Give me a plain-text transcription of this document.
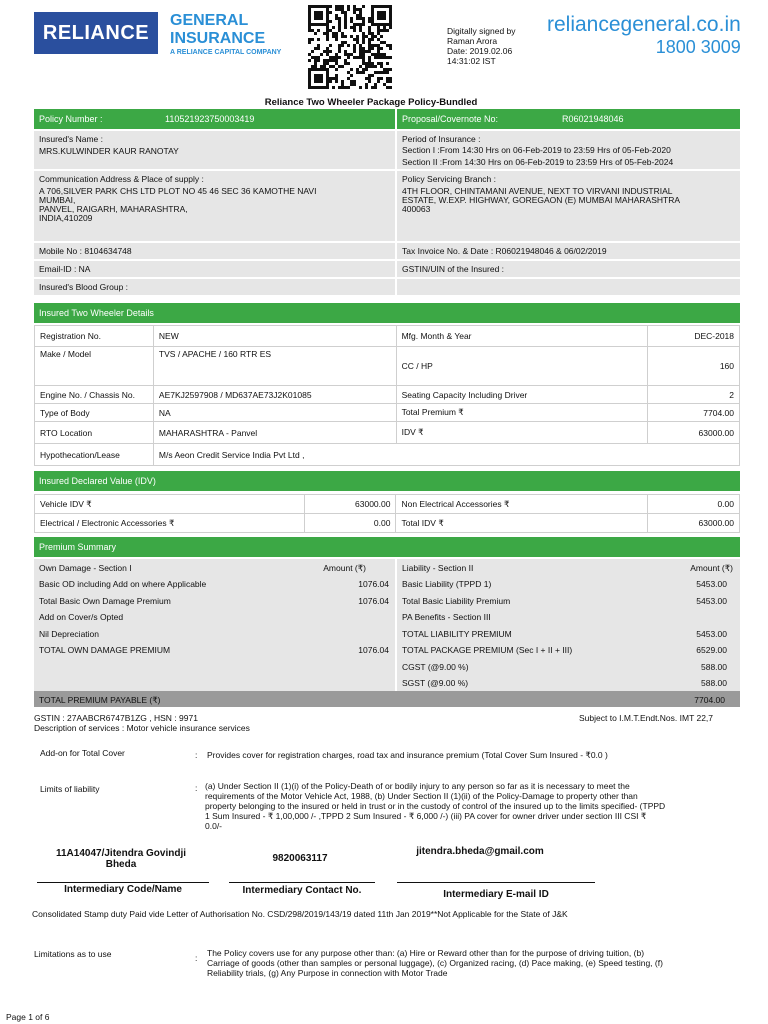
RELIANCE
GENERAL
INSURANCE
A RELIANCE CAPITAL COMPANY
Digitally signed by
Raman Arora
Date: 2019.02.06
14:31:02 IST
reliancegeneral.co.in
1800 3009
Reliance Two Wheeler Package Policy-Bundled
Policy Number :	110521923750003419	Proposal/Covernote No:	R06021948046
Insured's Name :
MRS.KULWINDER KAUR RANOTAY
Period of Insurance :
Section I :From 14:30 Hrs on 06-Feb-2019 to 23:59 Hrs of 05-Feb-2020
Section II :From 14:30 Hrs on 06-Feb-2019 to 23:59 Hrs of 05-Feb-2024
Communication Address & Place of supply :
A 706,SILVER PARK CHS LTD PLOT NO 45 46 SEC 36 KAMOTHE NAVI
MUMBAI,
PANVEL, RAIGARH, MAHARASHTRA,
INDIA,410209
Policy Servicing Branch :
4TH FLOOR, CHINTAMANI AVENUE, NEXT TO VIRVANI INDUSTRIAL
ESTATE, W.EXP. HIGHWAY, GOREGAON (E) MUMBAI MAHARASHTRA
400063
Mobile No : 8104634748	Tax Invoice No. & Date : R06021948046 & 06/02/2019
Email-ID : NA	GSTIN/UIN of the Insured :
Insured's Blood Group :
Insured Two Wheeler Details
Registration No.	NEW	Mfg. Month & Year	DEC-2018
Make / Model	TVS / APACHE / 160 RTR ES	CC / HP	160
Engine No. / Chassis No.	AE7KJ2597908 / MD637AE73J2K01085	Seating Capacity Including Driver	2
Type of Body	NA	Total Premium ₹	7704.00
RTO Location	MAHARASHTRA - Panvel	IDV ₹	63000.00
Hypothecation/Lease	M/s Aeon Credit Service India Pvt Ltd ,		
Insured Declared Value (IDV)
Vehicle IDV ₹	63000.00	Non Electrical Accessories ₹	0.00
Electrical / Electronic Accessories ₹	0.00	Total IDV ₹	63000.00
Premium Summary
Own Damage - Section I	Amount (₹)
Basic OD including Add on where Applicable	1076.04
Total Basic Own Damage Premium	1076.04
Add on Cover/s Opted
Nil Depreciation
TOTAL OWN DAMAGE PREMIUM	1076.04
Liability - Section II	Amount (₹)
Basic Liability (TPPD 1)	5453.00
Total Basic Liability Premium	5453.00
PA Benefits - Section III
TOTAL LIABILITY PREMIUM	5453.00
TOTAL PACKAGE PREMIUM (Sec I + II + III)	6529.00
CGST (@9.00 %)	588.00
SGST (@9.00 %)	588.00
TOTAL PREMIUM PAYABLE (₹)	7704.00
GSTIN : 27AABCR6747B1ZG , HSN : 9971
Description of services : Motor vehicle insurance services
Subject to I.M.T.Endt.Nos. IMT 22,7
Add-on for Total Cover	:	Provides cover for registration charges, road tax and insurance premium (Total Cover Sum Insured - ₹0.0 )
Limits of liability	: (a) Under Section II (1)(i) of the Policy-Death of or bodily injury to any person so far as it is necessary to meet the
requirements of the Motor Vehicle Act, 1988, (b) Under Section II (1)(ii) of the Policy-Damage to property other than
property belonging to the insured or held in trust or in the custody of control of the insured up to the limits specified- (TPPD
1 Sum Insured - ₹ 1,00,000 /- ,TPPD 2 Sum Insured - ₹ 6,000 /-) (iii) PA cover for owner driver under section III CSI ₹
0.0/-
11A14047/Jitendra Govindji
Bheda
9820063117
jitendra.bheda@gmail.com
Intermediary Code/Name	Intermediary Contact No.	Intermediary E-mail ID
Consolidated Stamp duty Paid vide Letter of Authorisation No. CSD/298/2019/143/19 dated 11th Jan 2019**Not Applicable for the State of J&K
Limitations as to use	:	The Policy covers use for any purpose other than: (a) Hire or Reward other than for the purpose of driving tuition, (b)
Carriage of goods (other than samples or personal luggage), (c) Organized racing, (d) Pace making, (e) Speed testing, (f)
Reliability trials, (g) Any Purpose in connection with Motor Trade
Page 1 of 6
